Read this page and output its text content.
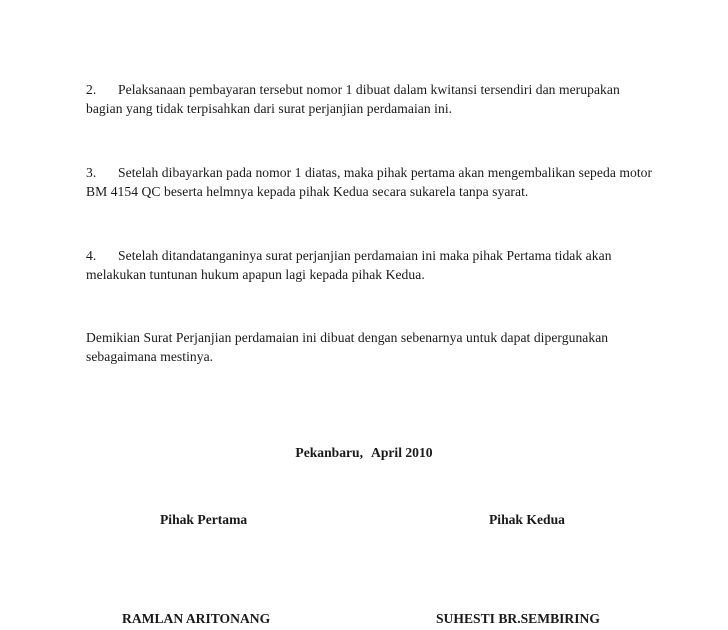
2. Pelaksanaan pembayaran tersebut nomor 1 dibuat dalam kwitansi tersendiri dan merupakan bagian yang tidak terpisahkan dari surat perjanjian perdamaian ini.
3. Setelah dibayarkan pada nomor 1 diatas, maka pihak pertama akan mengembalikan sepeda motor BM 4154 QC beserta helmnya kepada pihak Kedua secara sukarela tanpa syarat.
4. Setelah ditandatanganinya surat perjanjian perdamaian ini maka pihak Pertama tidak akan melakukan tuntunan hukum apapun lagi kepada pihak Kedua.
Demikian Surat Perjanjian perdamaian ini dibuat dengan sebenarnya untuk dapat dipergunakan sebagaimana mestinya.
Pekanbaru, April 2010
Pihak Pertama	Pihak Kedua
RAMLAN ARITONANG	SUHESTI BR.SEMBIRING
